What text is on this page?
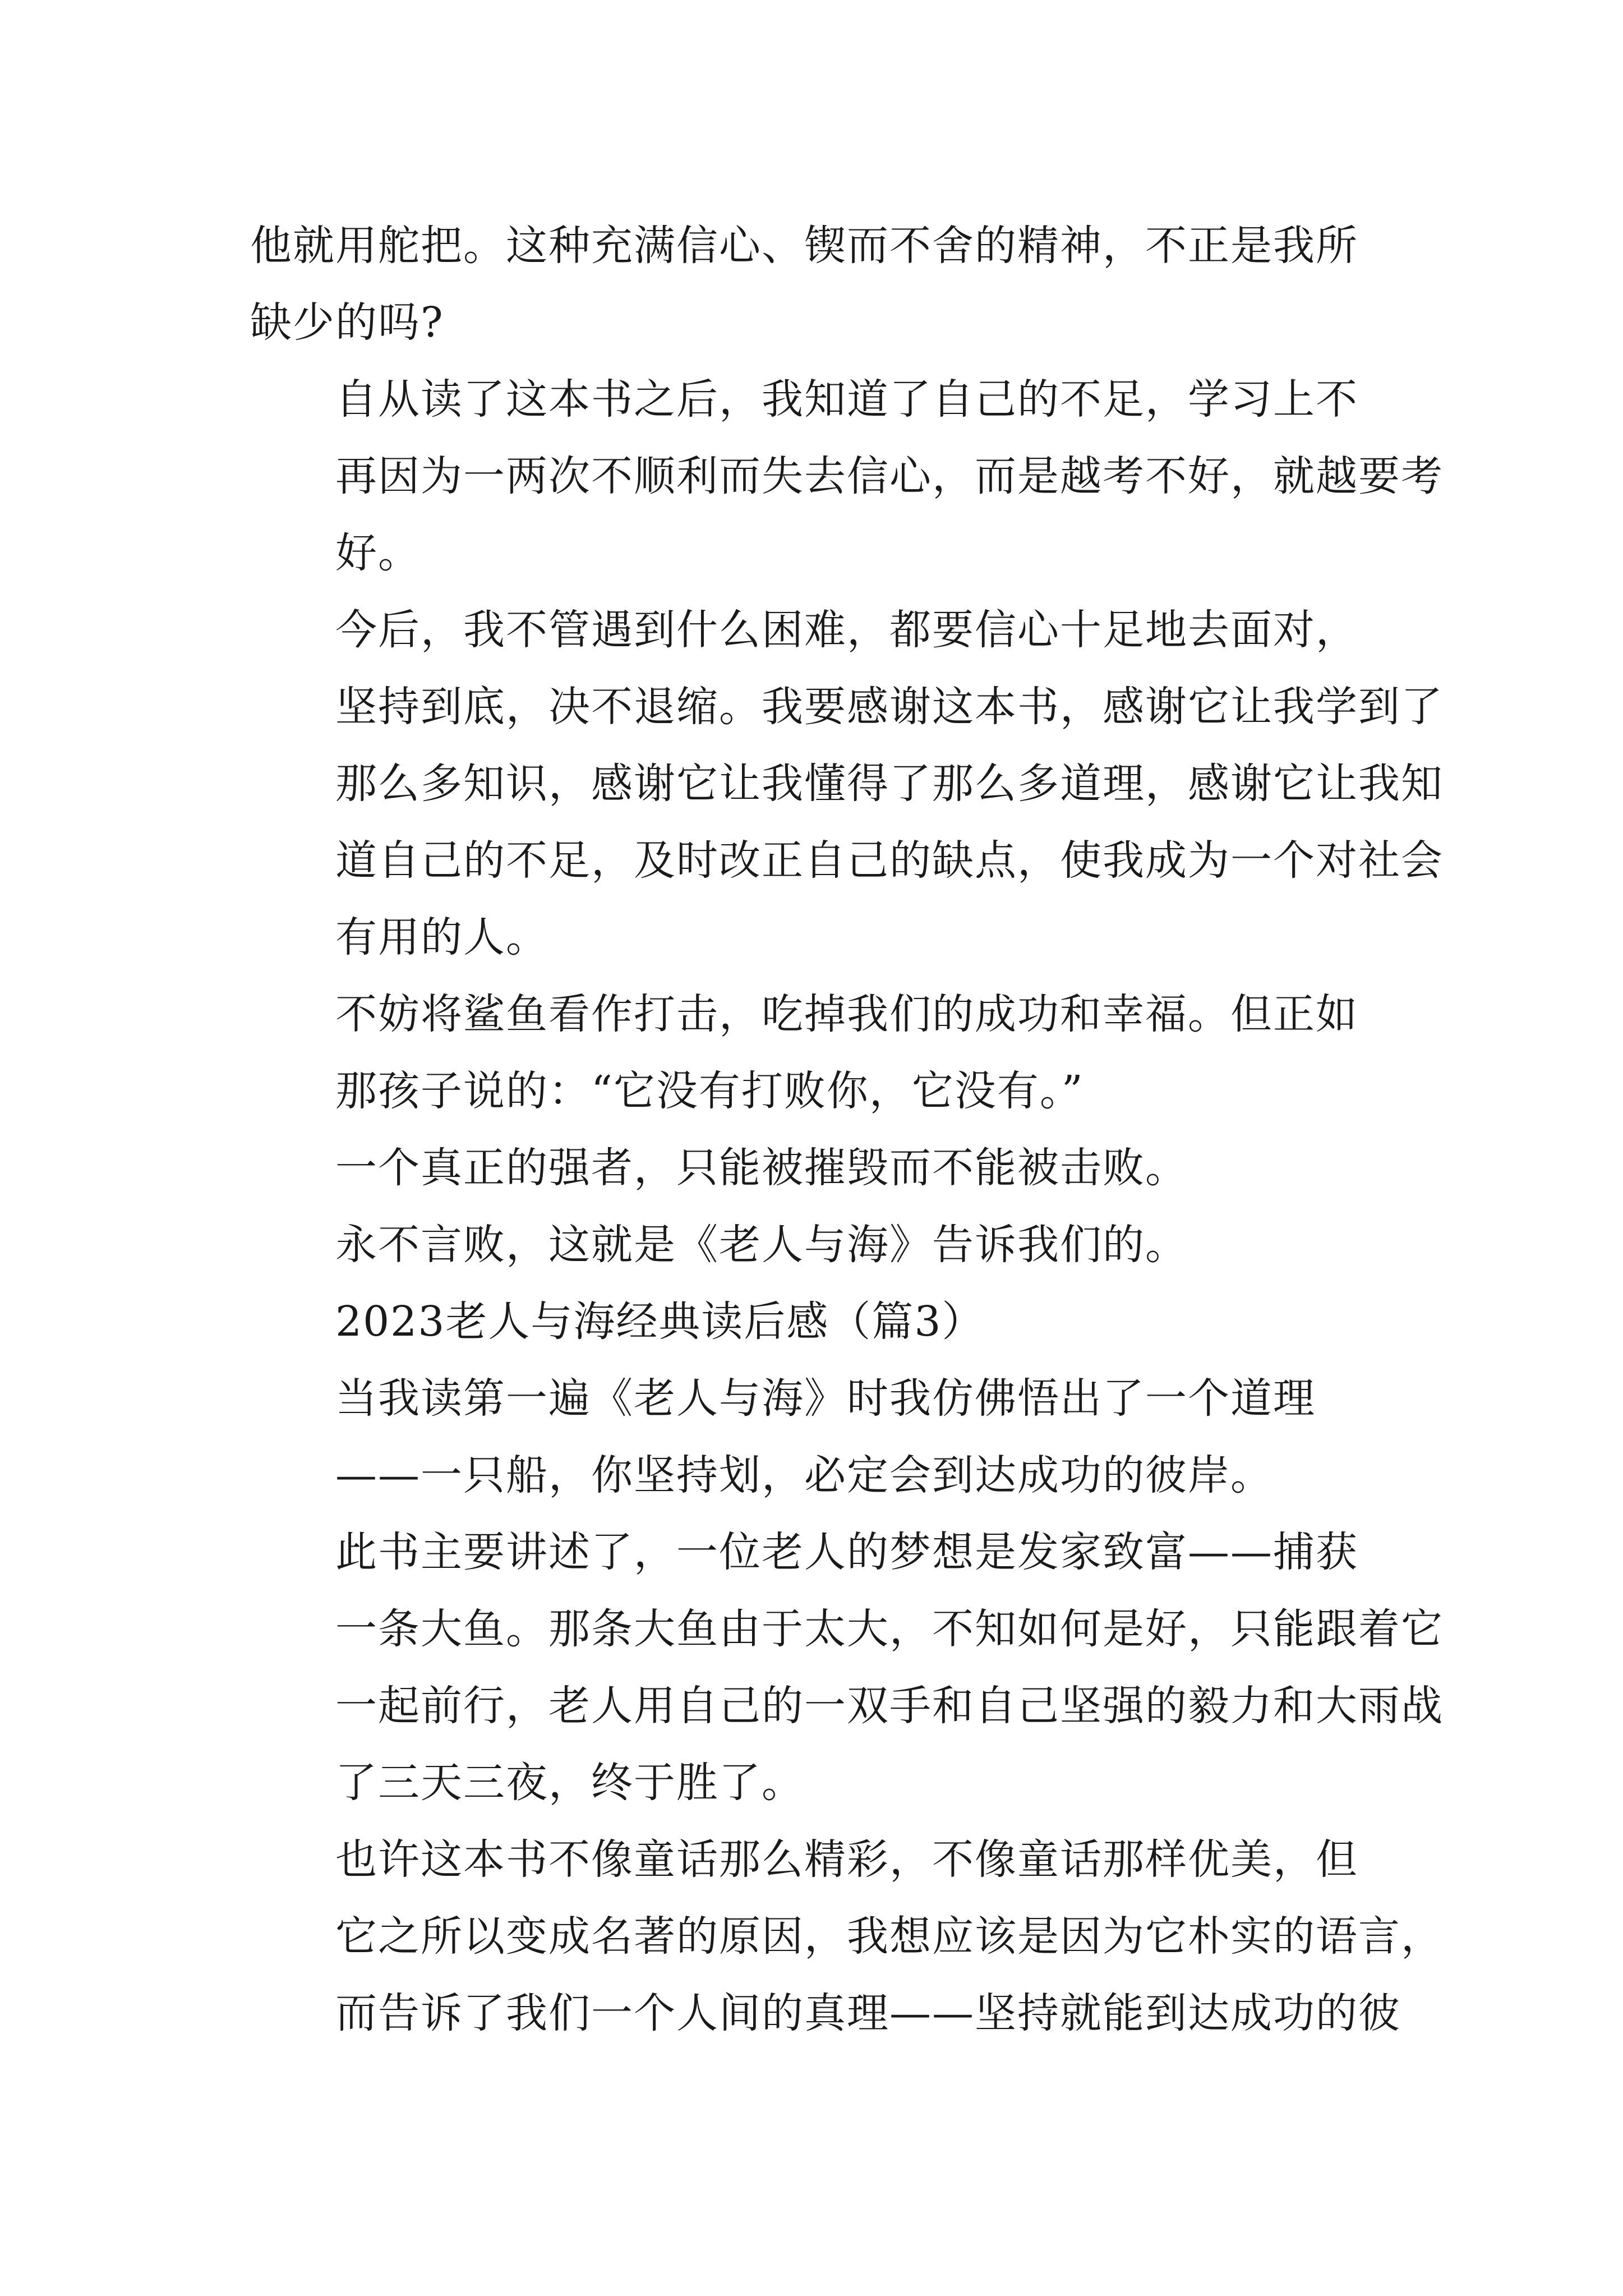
他就用舵把。这种充满信心、锲而不舍的精神，不正是我所
缺少的吗?

自从读了这本书之后，我知道了自己的不足，学习上不
再因为一两次不顺利而失去信心，而是越考不好，就越要考
好。

今后，我不管遇到什么困难，都要信心十足地去面对，
坚持到底，决不退缩。我要感谢这本书，感谢它让我学到了
那么多知识，感谢它让我懂得了那么多道理，感谢它让我知
道自己的不足，及时改正自己的缺点，使我成为一个对社会
有用的人。

不妨将鲨鱼看作打击，吃掉我们的成功和幸福。但正如
那孩子说的：“它没有打败你，它没有。”

一个真正的强者，只能被摧毁而不能被击败。

永不言败，这就是《老人与海》告诉我们的。

2023老人与海经典读后感（篇3）

当我读第一遍《老人与海》时我仿佛悟出了一个道理
——一只船，你坚持划，必定会到达成功的彼岸。

此书主要讲述了，一位老人的梦想是发家致富——捕获
一条大鱼。那条大鱼由于太大，不知如何是好，只能跟着它
一起前行，老人用自己的一双手和自己坚强的毅力和大雨战
了三天三夜，终于胜了。

也许这本书不像童话那么精彩，不像童话那样优美，但
它之所以变成名著的原因，我想应该是因为它朴实的语言，
而告诉了我们一个人间的真理——坚持就能到达成功的彼
